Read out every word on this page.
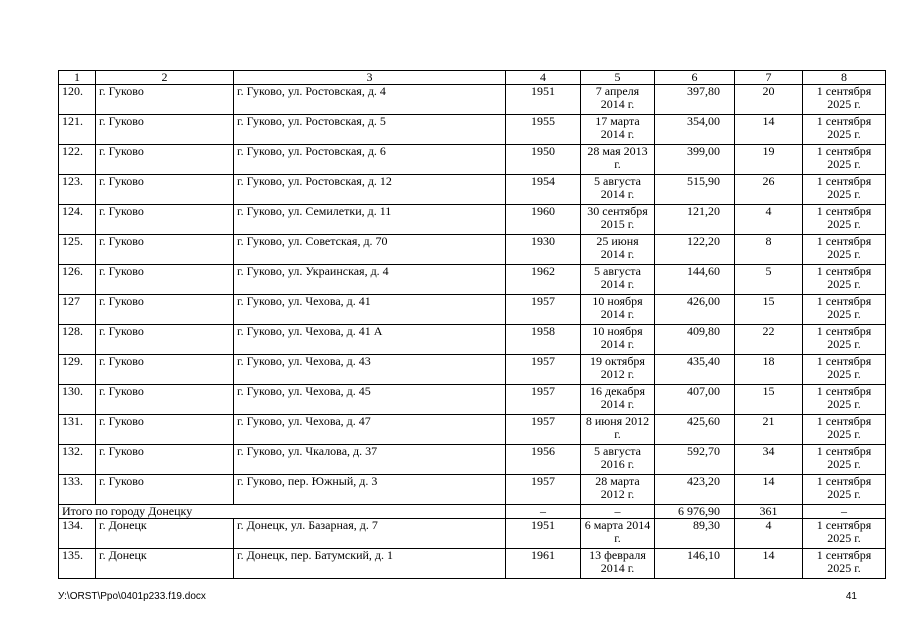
1	2	3	4	5	6	7	8
120.	г. Гуково	г. Гуково, ул. Ростовская, д. 4	1951	7 апреля 2014 г.	397,80	20	1 сентября 2025 г.
121.	г. Гуково	г. Гуково, ул. Ростовская, д. 5	1955	17 марта 2014 г.	354,00	14	1 сентября 2025 г.
122.	г. Гуково	г. Гуково, ул. Ростовская, д. 6	1950	28 мая 2013 г.	399,00	19	1 сентября 2025 г.
123.	г. Гуково	г. Гуково, ул. Ростовская, д. 12	1954	5 августа 2014 г.	515,90	26	1 сентября 2025 г.
124.	г. Гуково	г. Гуково, ул. Семилетки, д. 11	1960	30 сентября 2015 г.	121,20	4	1 сентября 2025 г.
125.	г. Гуково	г. Гуково, ул. Советская, д. 70	1930	25 июня 2014 г.	122,20	8	1 сентября 2025 г.
126.	г. Гуково	г. Гуково, ул. Украинская, д. 4	1962	5 августа 2014 г.	144,60	5	1 сентября 2025 г.
127	г. Гуково	г. Гуково, ул. Чехова, д. 41	1957	10 ноября 2014 г.	426,00	15	1 сентября 2025 г.
128.	г. Гуково	г. Гуково, ул. Чехова, д. 41 А	1958	10 ноября 2014 г.	409,80	22	1 сентября 2025 г.
129.	г. Гуково	г. Гуково, ул. Чехова, д. 43	1957	19 октября 2012 г.	435,40	18	1 сентября 2025 г.
130.	г. Гуково	г. Гуково, ул. Чехова, д. 45	1957	16 декабря 2014 г.	407,00	15	1 сентября 2025 г.
131.	г. Гуково	г. Гуково, ул. Чехова, д. 47	1957	8 июня 2012 г.	425,60	21	1 сентября 2025 г.
132.	г. Гуково	г. Гуково, ул. Чкалова, д. 37	1956	5 августа 2016 г.	592,70	34	1 сентября 2025 г.
133.	г. Гуково	г. Гуково, пер. Южный, д. 3	1957	28 марта 2012 г.	423,20	14	1 сентября 2025 г.
Итого по городу Донецку			–	–	6 976,90	361	–
134.	г. Донецк	г. Донецк, ул. Базарная, д. 7	1951	6 марта 2014 г.	89,30	4	1 сентября 2025 г.
135.	г. Донецк	г. Донецк, пер. Батумский, д. 1	1961	13 февраля 2014 г.	146,10	14	1 сентября 2025 г.
У:\ORST\Ppo\0401p233.f19.docx	41
